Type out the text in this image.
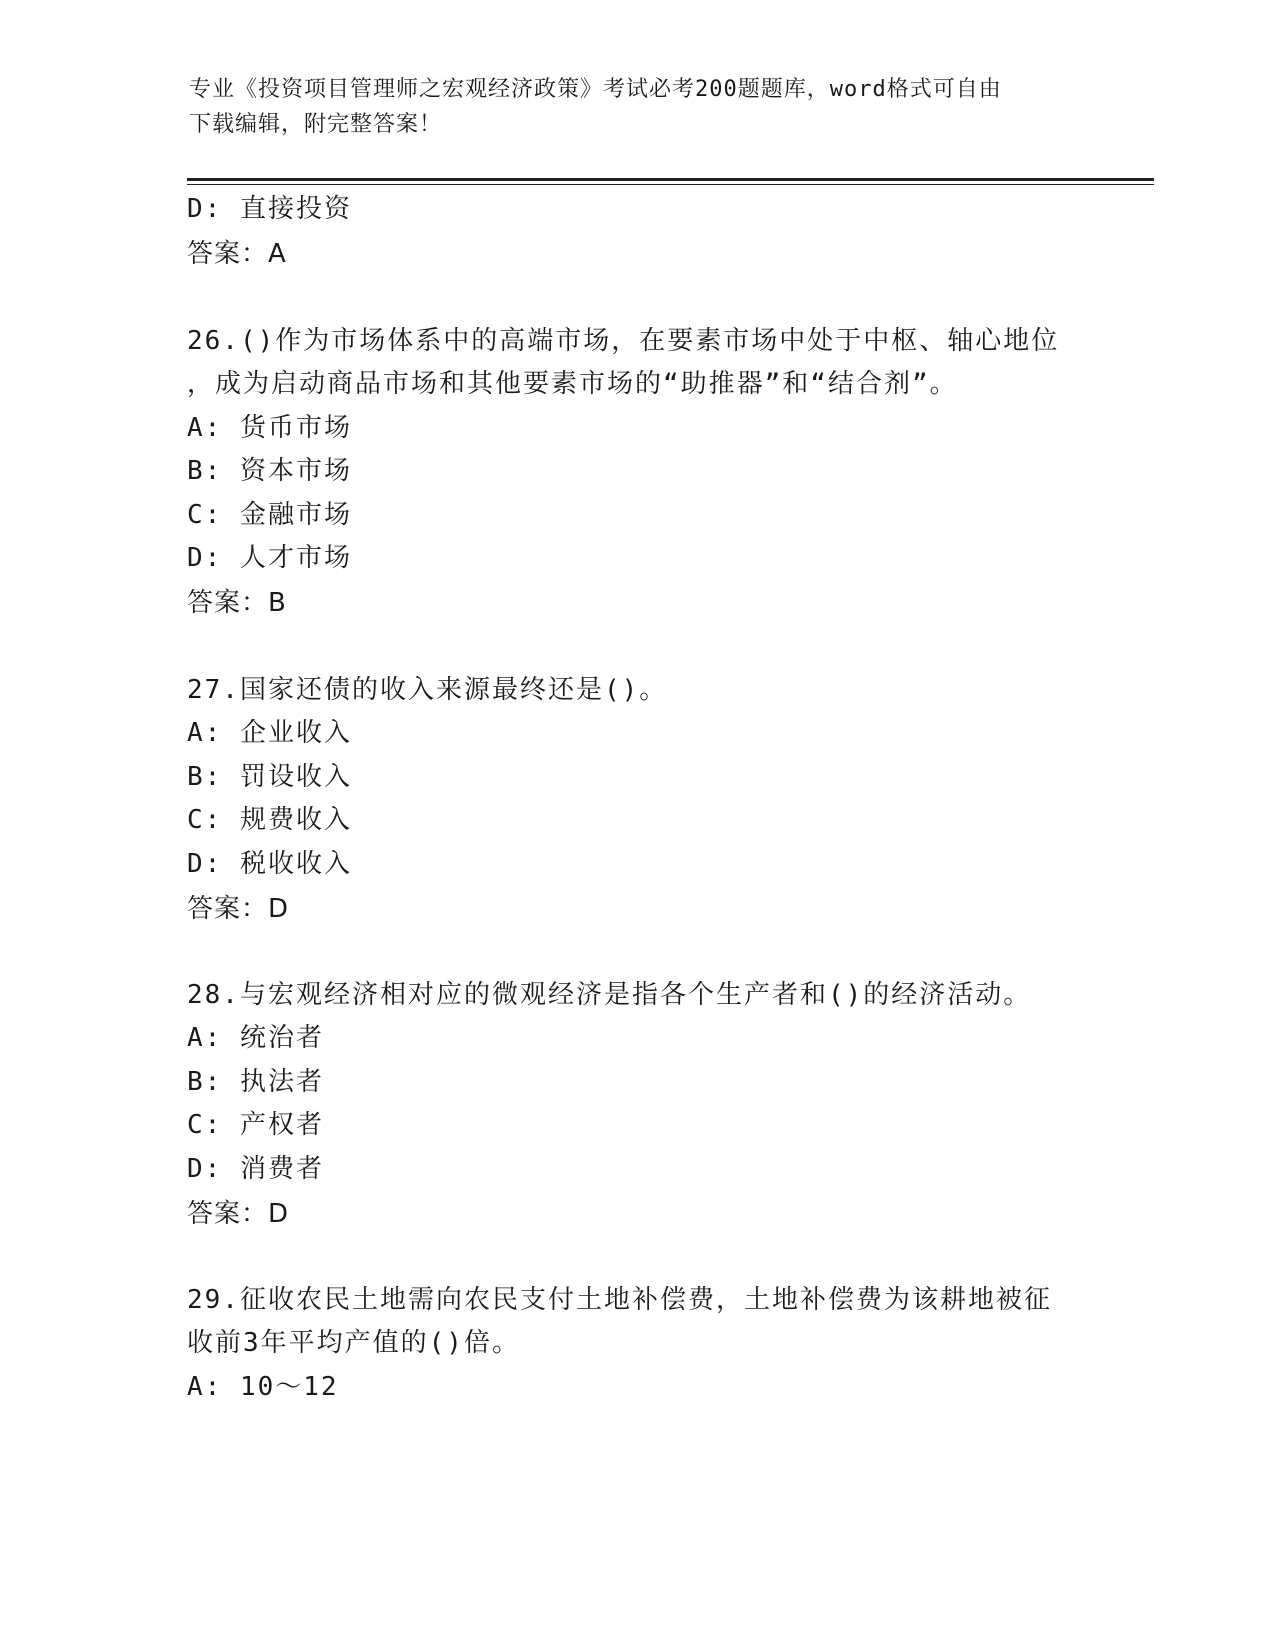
专业《投资项目管理师之宏观经济政策》考试必考200题题库，word格式可自由
下载编辑，附完整答案！
D: 直接投资
答案：A
26.()作为市场体系中的高端市场，在要素市场中处于中枢、轴心地位
，成为启动商品市场和其他要素市场的“助推器”和“结合剂”。
A: 货币市场
B: 资本市场
C: 金融市场
D: 人才市场
答案：B
27.国家还债的收入来源最终还是()。
A: 企业收入
B: 罚设收入
C: 规费收入
D: 税收收入
答案：D
28.与宏观经济相对应的微观经济是指各个生产者和()的经济活动。
A: 统治者
B: 执法者
C: 产权者
D: 消费者
答案：D
29.征收农民土地需向农民支付土地补偿费，土地补偿费为该耕地被征
收前3年平均产值的()倍。
A: 10～12
